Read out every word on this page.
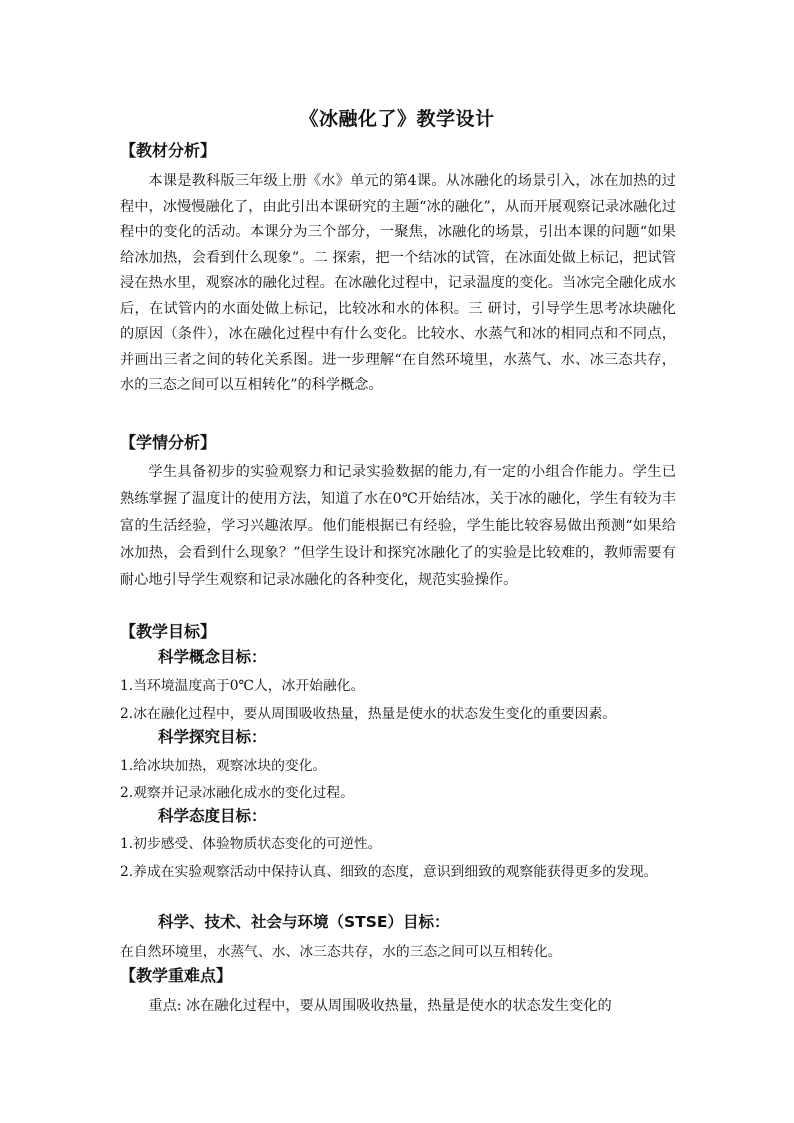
《冰融化了》教学设计
【教材分析】
本课是教科版三年级上册《水》单元的第4课。从冰融化的场景引入，冰在加热的过程中，冰慢慢融化了，由此引出本课研究的主题“冰的融化”，从而开展观察记录冰融化过程中的变化的活动。本课分为三个部分，一聚焦，冰融化的场景，引出本课的问题“如果给冰加热，会看到什么现象”。二 探索，把一个结冰的试管，在冰面处做上标记，把试管浸在热水里，观察冰的融化过程。在冰融化过程中，记录温度的变化。当冰完全融化成水后，在试管内的水面处做上标记，比较冰和水的体积。三 研讨，引导学生思考冰块融化的原因（条件），冰在融化过程中有什么变化。比较水、水蒸气和冰的相同点和不同点，并画出三者之间的转化关系图。进一步理解“在自然环境里，水蒸气、水、冰三态共存，水的三态之间可以互相转化”的科学概念。
【学情分析】
学生具备初步的实验观察力和记录实验数据的能力,有一定的小组合作能力。学生已熟练掌握了温度计的使用方法，知道了水在0℃开始结冰，关于冰的融化，学生有较为丰富的生活经验，学习兴趣浓厚。他们能根据已有经验，学生能比较容易做出预测“如果给冰加热，会看到什么现象？”但学生设计和探究冰融化了的实验是比较难的，教师需要有耐心地引导学生观察和记录冰融化的各种变化，规范实验操作。
【教学目标】
科学概念目标：
1.当环境温度高于0℃人，冰开始融化。
2.冰在融化过程中，要从周围吸收热量，热量是使水的状态发生变化的重要因素。
科学探究目标：
1.给冰块加热，观察冰块的变化。
2.观察并记录冰融化成水的变化过程。
科学态度目标：
1.初步感受、体验物质状态变化的可逆性。
2.养成在实验观察活动中保持认真、细致的态度，意识到细致的观察能获得更多的发现。
科学、技术、社会与环境（STSE）目标：
在自然环境里，水蒸气、水、冰三态共存，水的三态之间可以互相转化。
【教学重难点】
重点: 冰在融化过程中，要从周围吸收热量，热量是使水的状态发生变化的
